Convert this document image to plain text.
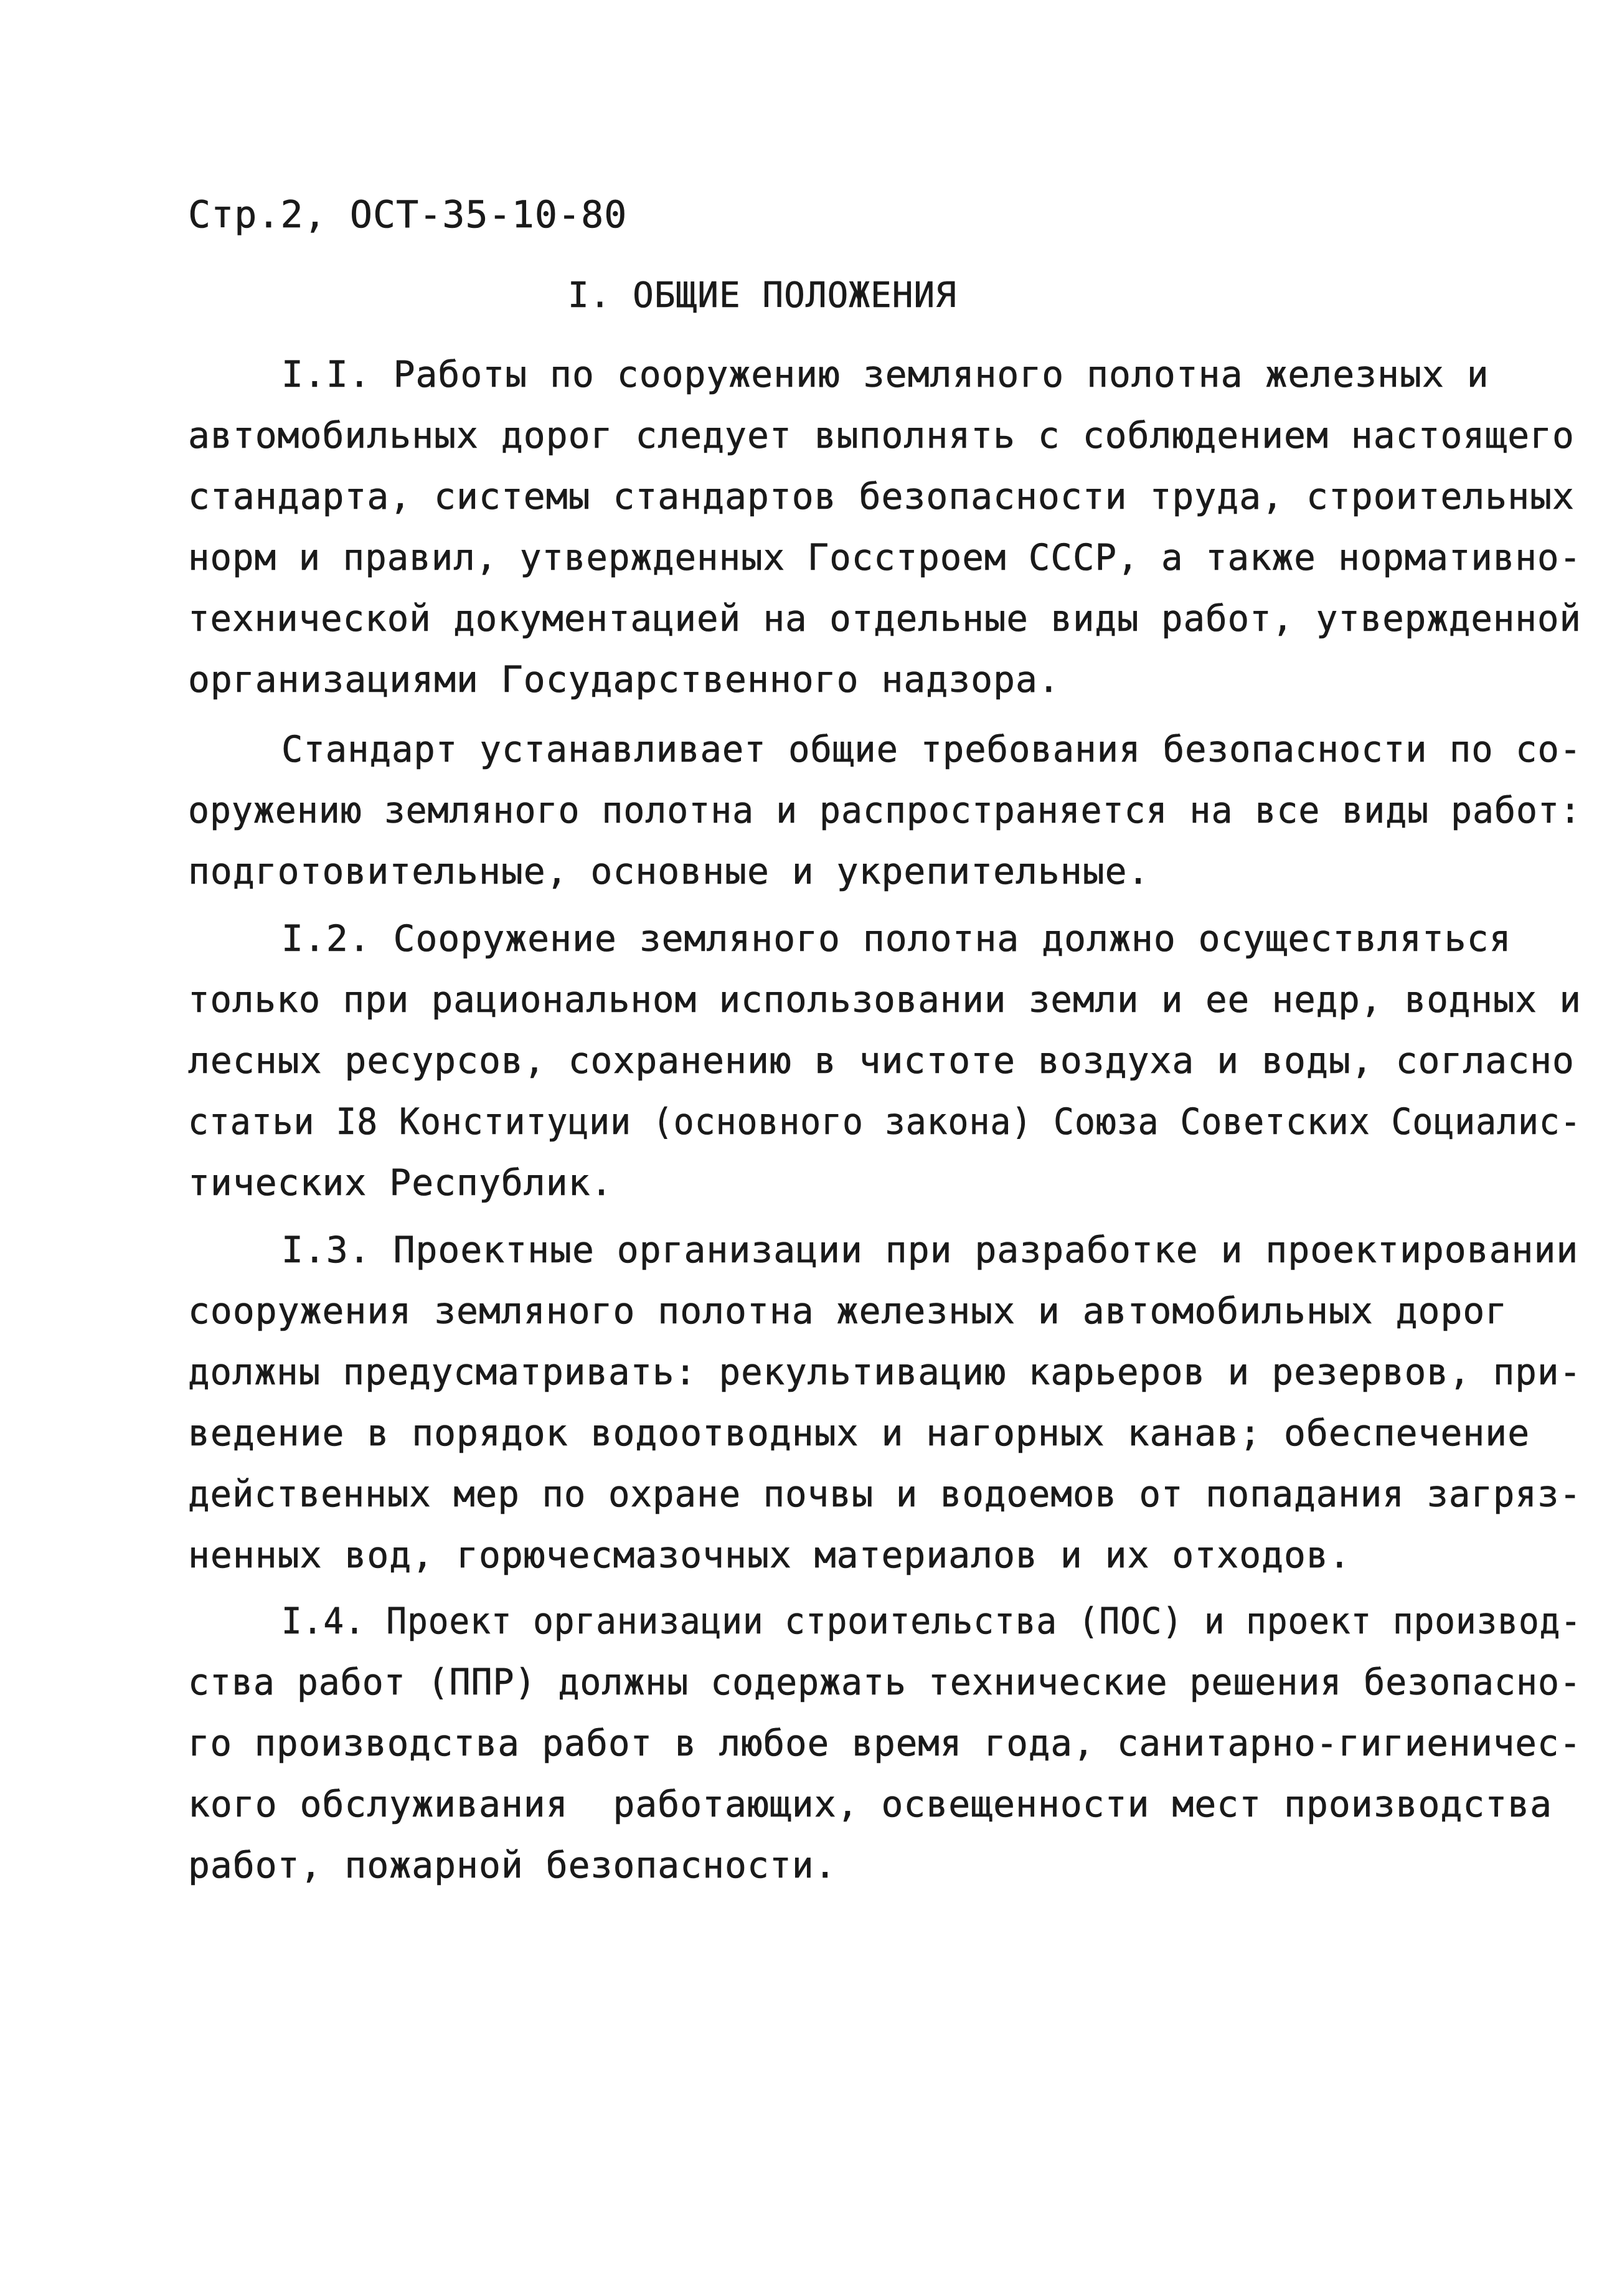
Стр.2, ОСТ-35-10-80
I. ОБЩИЕ ПОЛОЖЕНИЯ
I.I. Работы по сооружению земляного полотна железных и
автомобильных дорог следует выполнять с соблюдением настоящего
стандарта, системы стандартов безопасности труда, строительных
норм и правил, утвержденных Госстроем СССР, а также нормативно-
технической документацией на отдельные виды работ, утвержденной
организациями Государственного надзора.
Стандарт устанавливает общие требования безопасности по со-
оружению земляного полотна и распространяется на все виды работ:
подготовительные, основные и укрепительные.
I.2. Сооружение земляного полотна должно осуществляться
только при рациональном использовании земли и ее недр, водных и
лесных ресурсов, сохранению в чистоте воздуха и воды, согласно
статьи I8 Конституции (основного закона) Союза Советских Социалис-
тических Республик.
I.3. Проектные организации при разработке и проектировании
сооружения земляного полотна железных и автомобильных дорог
должны предусматривать: рекультивацию карьеров и резервов, при-
ведение в порядок водоотводных и нагорных канав; обеспечение
действенных мер по охране почвы и водоемов от попадания загряз-
ненных вод, горючесмазочных материалов и их отходов.
I.4. Проект организации строительства (ПОС) и проект производ-
ства работ (ППР) должны содержать технические решения безопасно-
го производства работ в любое время года, санитарно-гигиеничес-
кого обслуживания  работающих, освещенности мест производства
работ, пожарной безопасности.
